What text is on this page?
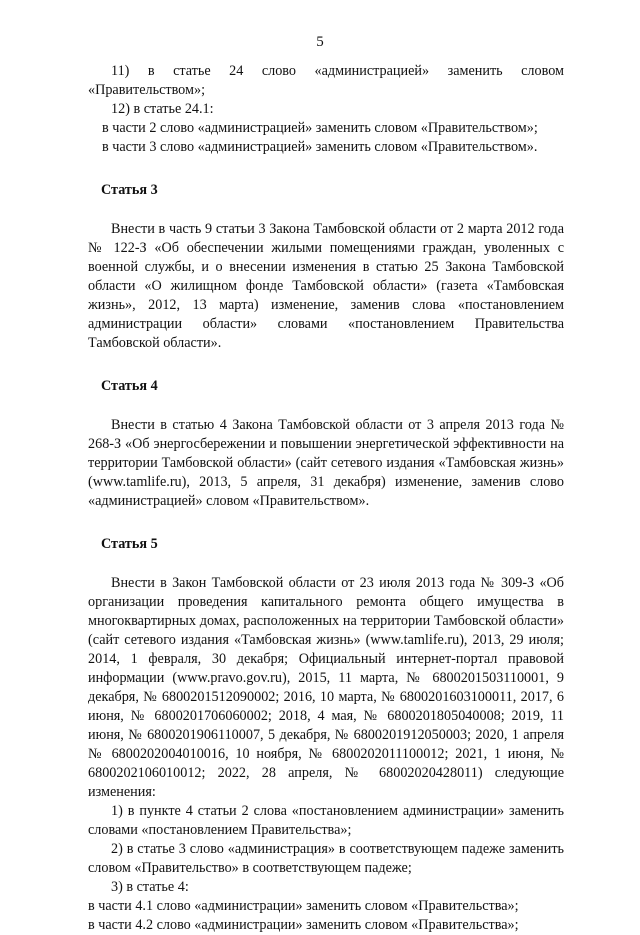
5

11) в статье 24 слово «администрацией» заменить словом «Правительством»;

12) в статье 24.1:

в части 2 слово «администрацией» заменить словом «Правительством»;

в части 3 слово «администрацией» заменить словом «Правительством».

Статья 3

Внести в часть 9 статьи 3 Закона Тамбовской области от 2 марта 2012 года № 122-З «Об обеспечении жилыми помещениями граждан, уволенных с военной службы, и о внесении изменения в статью 25 Закона Тамбовской области «О жилищном фонде Тамбовской области» (газета «Тамбовская жизнь», 2012, 13 марта) изменение, заменив слова «постановлением администрации области» словами «постановлением Правительства Тамбовской области».

Статья 4

Внести в статью 4 Закона Тамбовской области от 3 апреля 2013 года № 268-З «Об энергосбережении и повышении энергетической эффективности на территории Тамбовской области» (сайт сетевого издания «Тамбовская жизнь» (www.tamlife.ru), 2013, 5 апреля, 31 декабря) изменение, заменив слово «администрацией» словом «Правительством».

Статья 5

Внести в Закон Тамбовской области от 23 июля 2013 года № 309-З «Об организации проведения капитального ремонта общего имущества в многоквартирных домах, расположенных на территории Тамбовской области» (сайт сетевого издания «Тамбовская жизнь» (www.tamlife.ru), 2013, 29 июля; 2014, 1 февраля, 30 декабря; Официальный интернет-портал правовой информации (www.pravo.gov.ru), 2015, 11 марта, № 6800201503110001, 9 декабря, № 6800201512090002; 2016, 10 марта, № 6800201603100011, 2017, 6 июня, № 6800201706060002; 2018, 4 мая, № 6800201805040008; 2019, 11 июня, № 6800201906110007, 5 декабря, № 6800201912050003; 2020, 1 апреля № 6800202004010016, 10 ноября, № 6800202011100012; 2021, 1 июня, № 6800202106010012; 2022, 28 апреля, № 68002020428011) следующие изменения:

1) в пункте 4 статьи 2 слова «постановлением администрации» заменить словами «постановлением Правительства»;

2) в статье 3 слово «администрация» в соответствующем падеже заменить словом «Правительство» в соответствующем падеже;

3) в статье 4:

в части 4.1 слово «администрации» заменить словом «Правительства»;

в части 4.2 слово «администрации» заменить словом «Правительства»;
